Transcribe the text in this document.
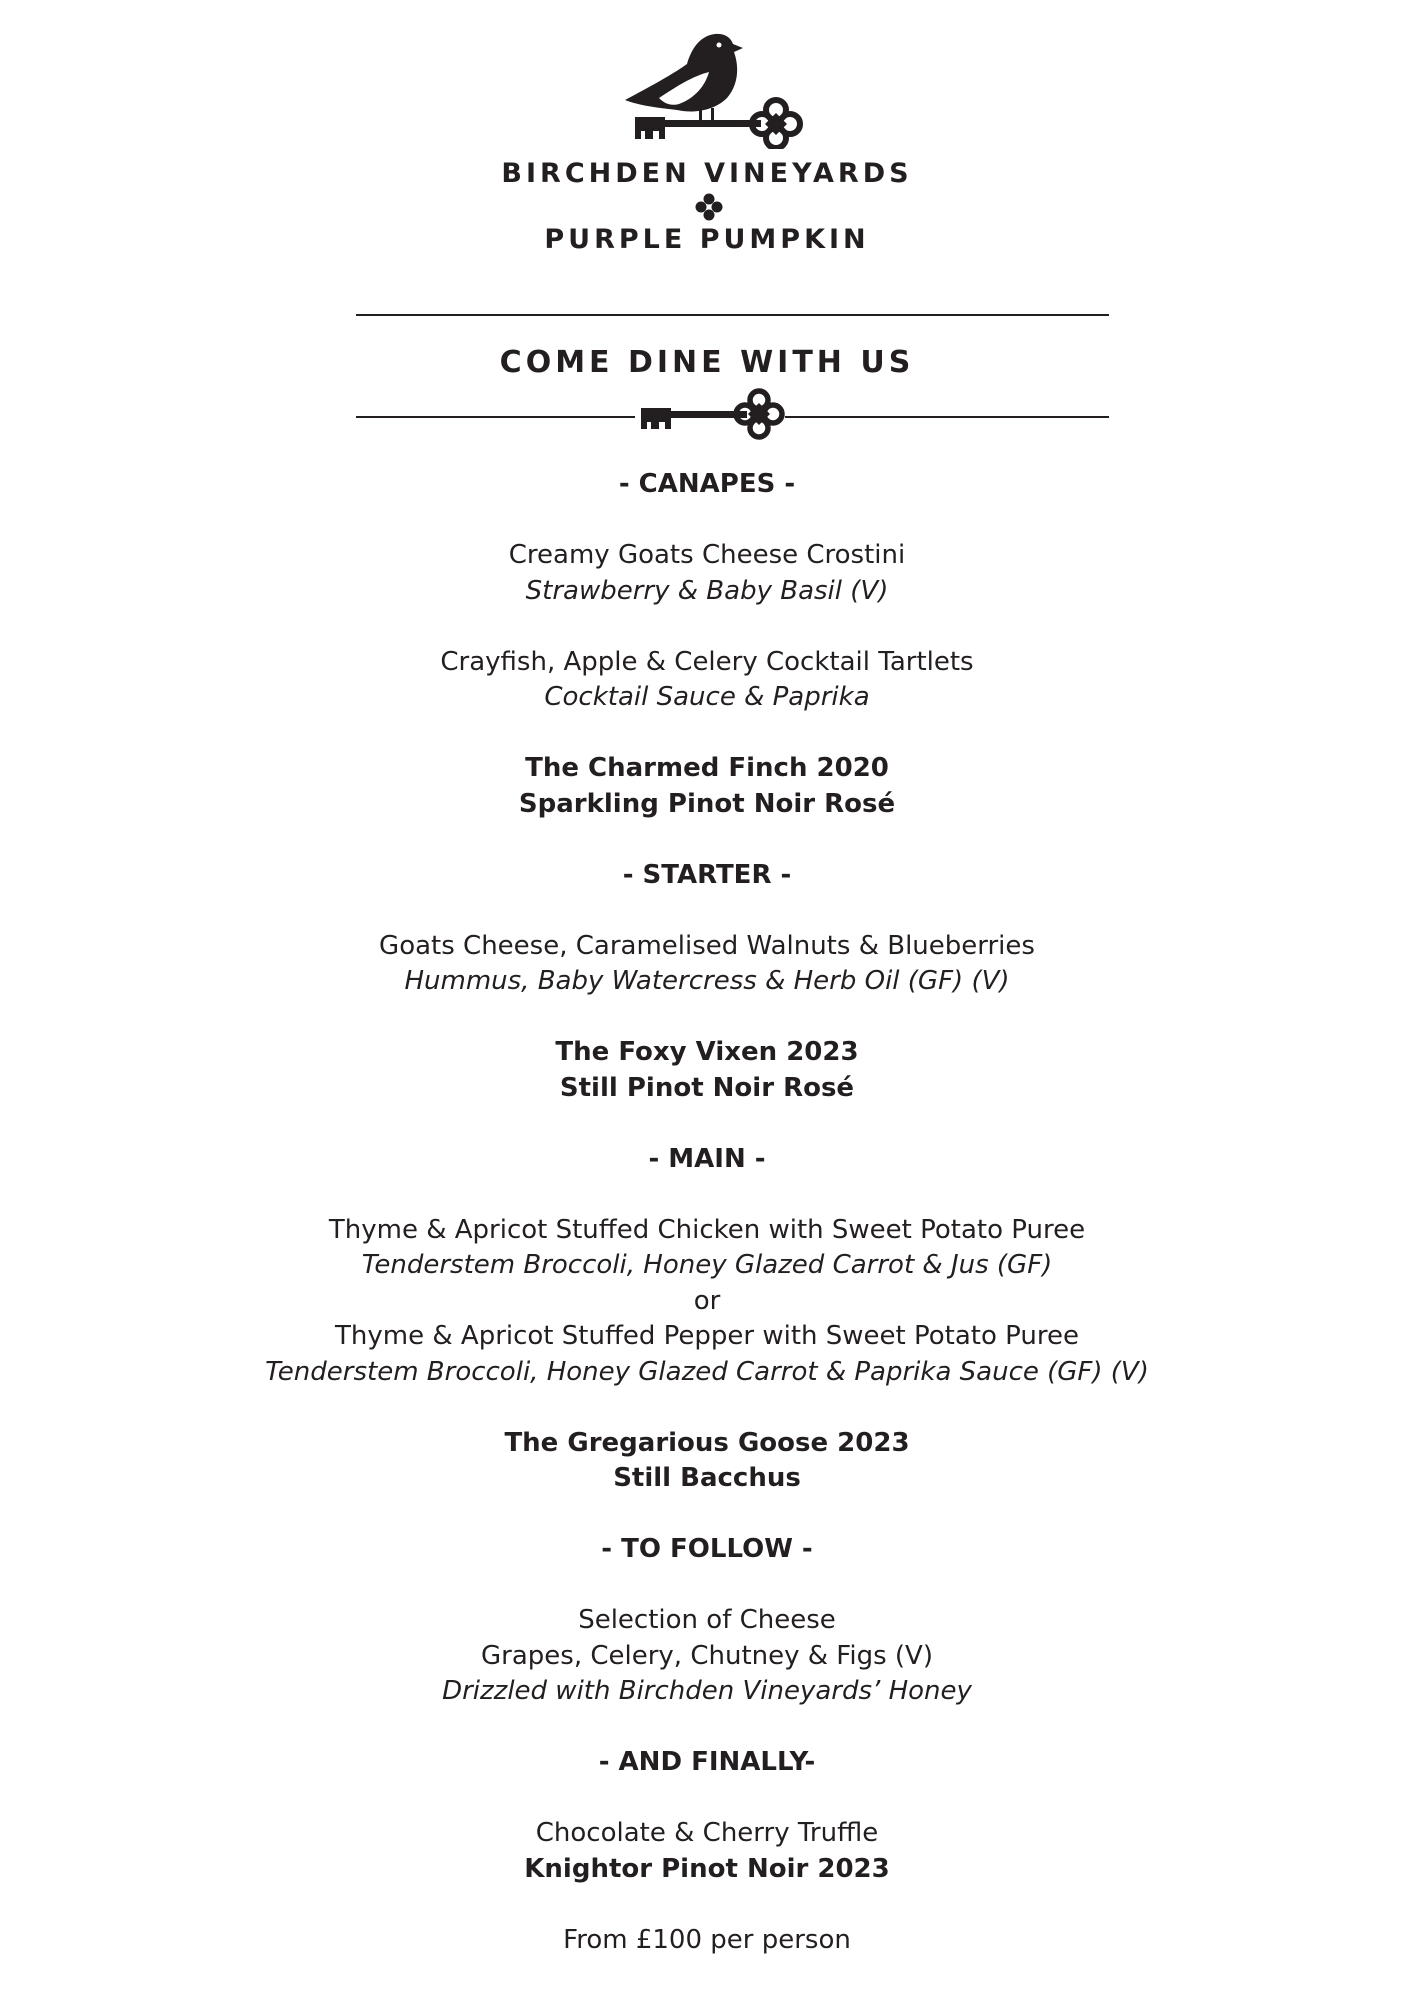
BIRCHDEN VINEYARDS
PURPLE PUMPKIN
COME DINE WITH US
- CANAPES -
Creamy Goats Cheese Crostini
Strawberry & Baby Basil (V)
Crayfish, Apple & Celery Cocktail Tartlets
Cocktail Sauce & Paprika
The Charmed Finch 2020
Sparkling Pinot Noir Rosé
- STARTER -
Goats Cheese, Caramelised Walnuts & Blueberries
Hummus, Baby Watercress & Herb Oil (GF) (V)
The Foxy Vixen 2023
Still Pinot Noir Rosé
- MAIN -
Thyme & Apricot Stuffed Chicken with Sweet Potato Puree
Tenderstem Broccoli, Honey Glazed Carrot & Jus (GF)
or
Thyme & Apricot Stuffed Pepper with Sweet Potato Puree
Tenderstem Broccoli, Honey Glazed Carrot & Paprika Sauce (GF) (V)
The Gregarious Goose 2023
Still Bacchus
- TO FOLLOW -
Selection of Cheese
Grapes, Celery, Chutney & Figs (V)
Drizzled with Birchden Vineyards’ Honey
- AND FINALLY-
Chocolate & Cherry Truffle
Knightor Pinot Noir 2023
From £100 per person
